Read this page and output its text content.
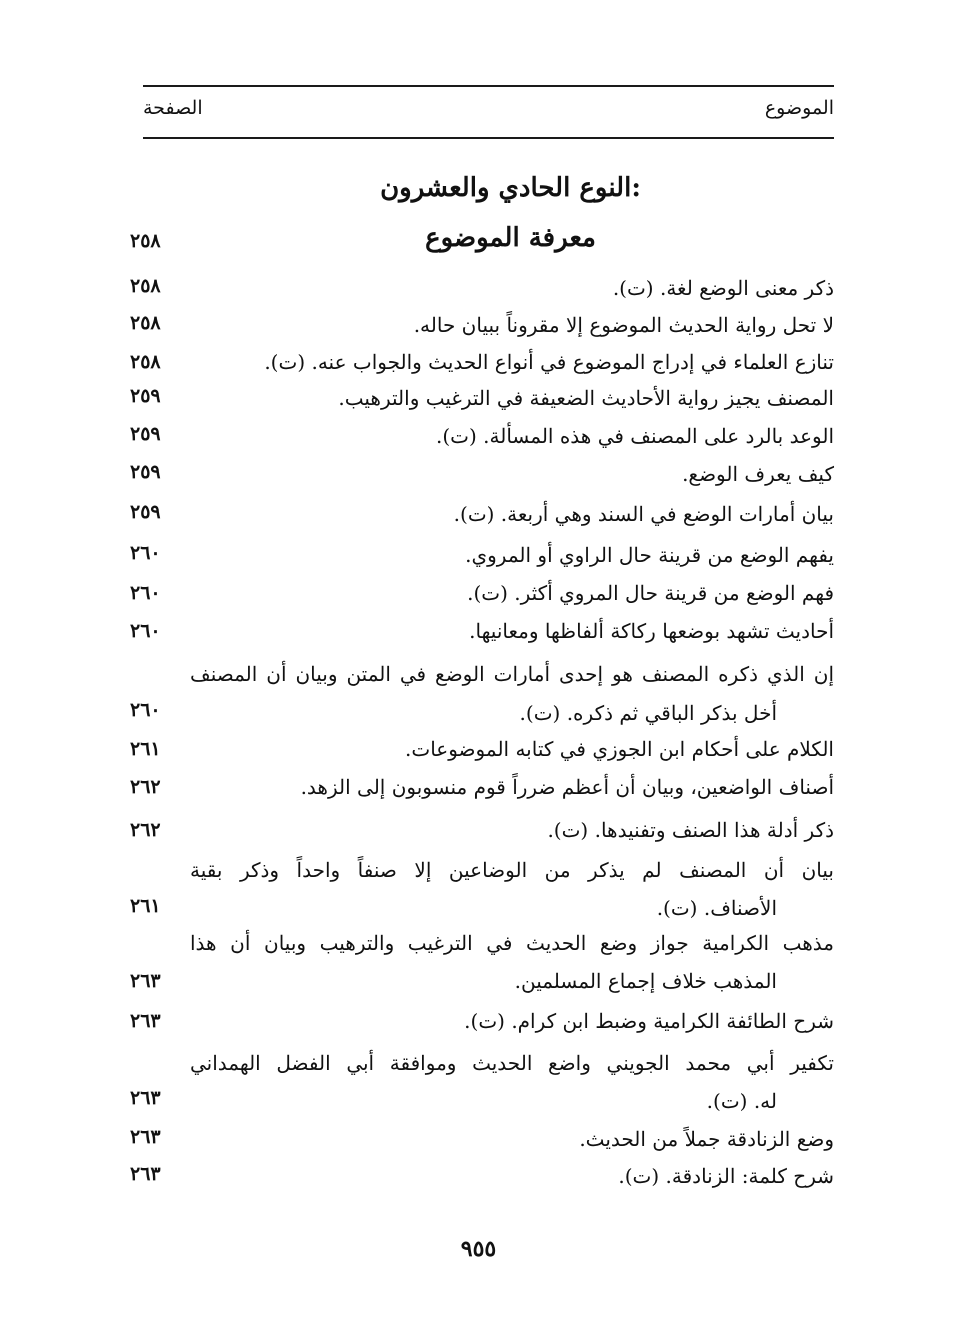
الموضوع
الصفحة
النوع الحادي والعشرون:
معرفة الموضوع
٢٥٨
ذكر معنى الوضع لغة. (ت).
٢٥٨
لا تحل رواية الحديث الموضوع إلا مقروناً ببيان حاله.
٢٥٨
تنازع العلماء في إدراج الموضوع في أنواع الحديث والجواب عنه. (ت).
٢٥٨
المصنف يجيز رواية الأحاديث الضعيفة في الترغيب والترهيب.
٢٥٩
الوعد بالرد على المصنف في هذه المسألة. (ت).
٢٥٩
كيف يعرف الوضع.
٢٥٩
بيان أمارات الوضع في السند وهي أربعة. (ت).
٢٥٩
يفهم الوضع من قرينة حال الراوي أو المروي.
٢٦٠
فهم الوضع من قرينة حال المروي أكثر. (ت).
٢٦٠
أحاديث تشهد بوضعها ركاكة ألفاظها ومعانيها.
٢٦٠
إن الذي ذكره المصنف هو إحدى أمارات الوضع في المتن وبيان أن المصنف
أخل بذكر الباقي ثم ذكره. (ت).
٢٦٠
الكلام على أحكام ابن الجوزي في كتابه الموضوعات.
٢٦١
أصناف الواضعين، وبيان أن أعظم ضرراً قوم منسوبون إلى الزهد.
٢٦٢
ذكر أدلة هذا الصنف وتفنيدها. (ت).
٢٦٢
بيان أن المصنف لم يذكر من الوضاعين إلا صنفاً واحداً وذكر بقية
الأصناف. (ت).
٢٦١
مذهب الكرامية جواز وضع الحديث في الترغيب والترهيب وبيان أن هذا
المذهب خلاف إجماع المسلمين.
٢٦٣
شرح الطائفة الكرامية وضبط ابن كرام. (ت).
٢٦٣
تكفير أبي محمد الجويني واضع الحديث وموافقة أبي الفضل الهمداني
له. (ت).
٢٦٣
وضع الزنادقة جملاً من الحديث.
٢٦٣
شرح كلمة: الزنادقة. (ت).
٢٦٣
٩٥٥
